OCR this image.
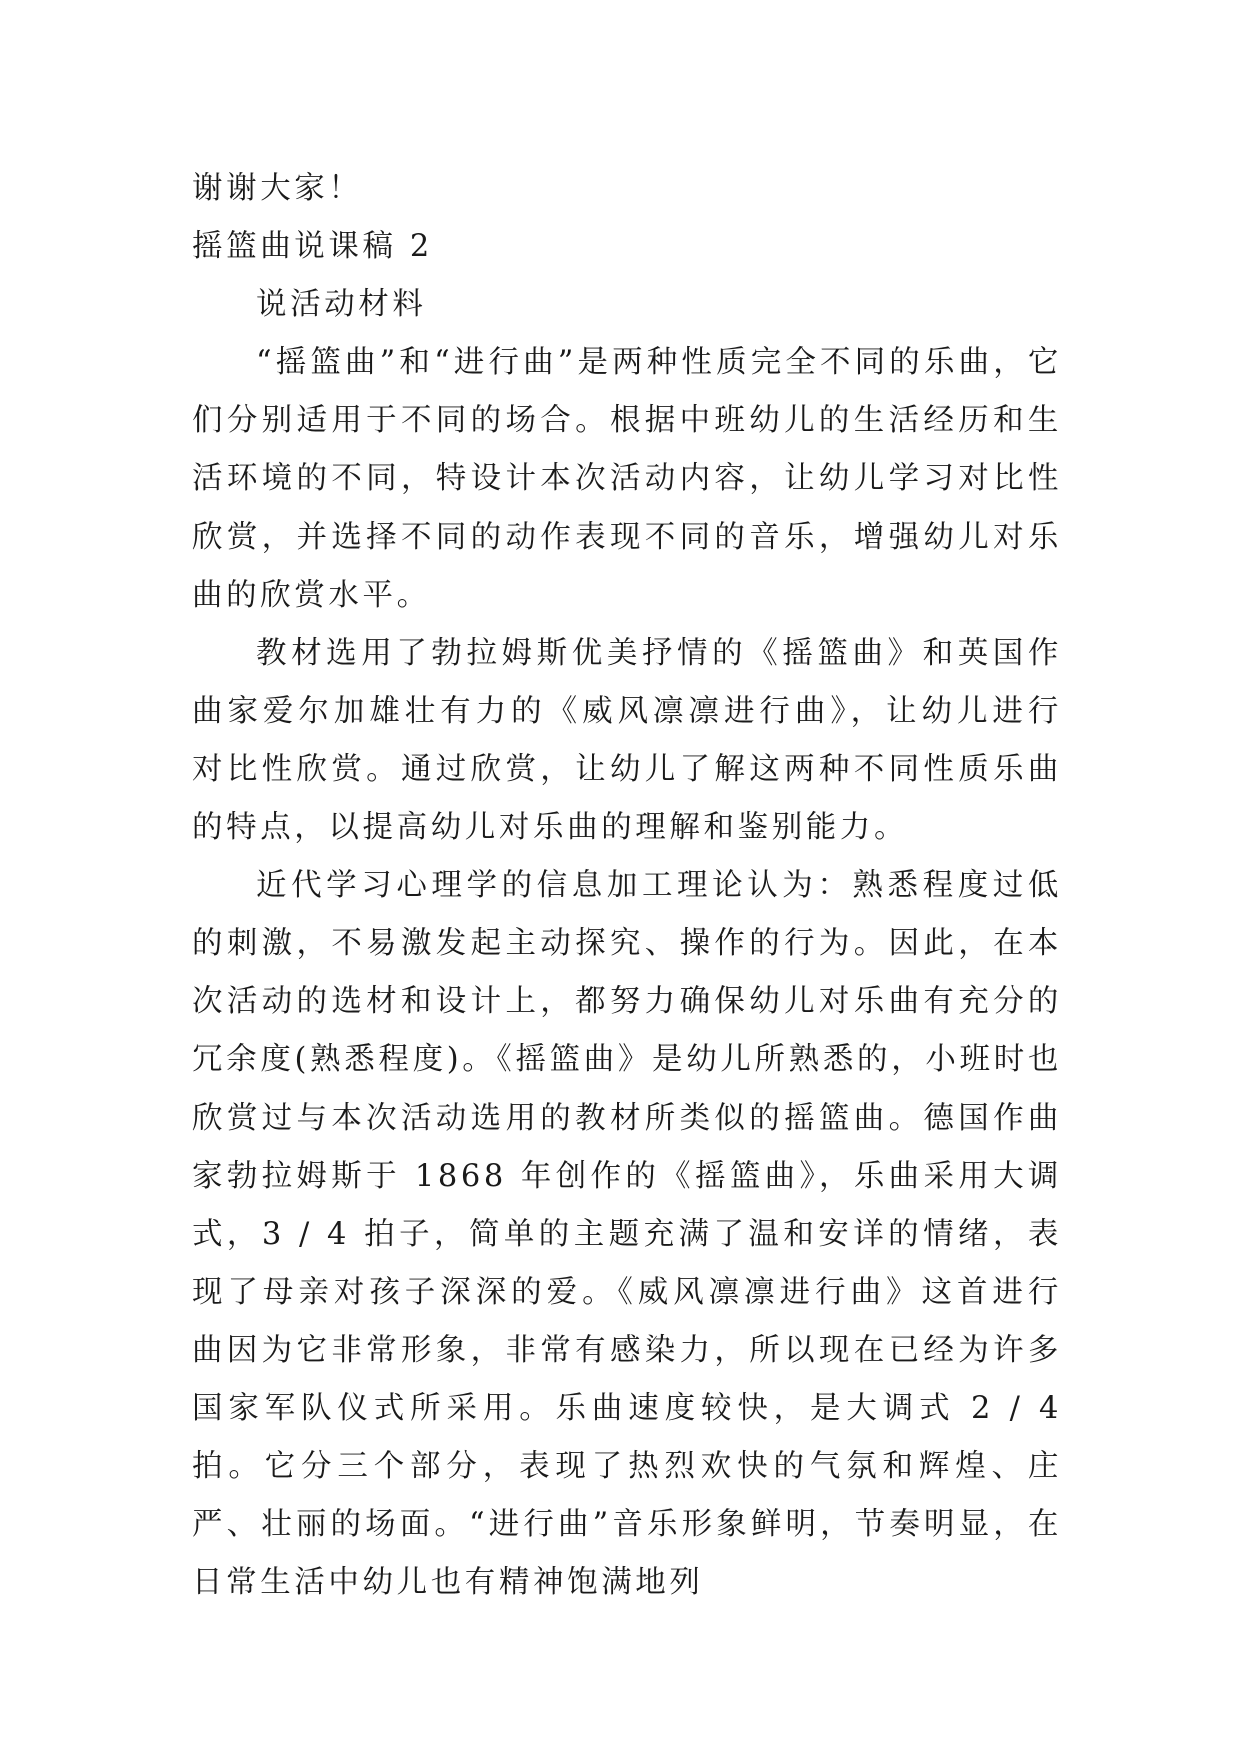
谢谢大家！

摇篮曲说课稿 2

说活动材料

“摇篮曲”和“进行曲”是两种性质完全不同的乐曲，它们分别适用于不同的场合。根据中班幼儿的生活经历和生活环境的不同，特设计本次活动内容，让幼儿学习对比性欣赏，并选择不同的动作表现不同的音乐，增强幼儿对乐曲的欣赏水平。

教材选用了勃拉姆斯优美抒情的《摇篮曲》和英国作曲家爱尔加雄壮有力的《威风凛凛进行曲》，让幼儿进行对比性欣赏。通过欣赏，让幼儿了解这两种不同性质乐曲的特点，以提高幼儿对乐曲的理解和鉴别能力。

近代学习心理学的信息加工理论认为：熟悉程度过低的刺激，不易激发起主动探究、操作的行为。因此，在本次活动的选材和设计上，都努力确保幼儿对乐曲有充分的冗余度(熟悉程度)。《摇篮曲》是幼儿所熟悉的，小班时也欣赏过与本次活动选用的教材所类似的摇篮曲。德国作曲家勃拉姆斯于 1868 年创作的《摇篮曲》，乐曲采用大调式，3 / 4 拍子，简单的主题充满了温和安详的情绪，表现了母亲对孩子深深的爱。《威风凛凛进行曲》这首进行曲因为它非常形象，非常有感染力，所以现在已经为许多国家军队仪式所采用。乐曲速度较快，是大调式 2 / 4 拍。它分三个部分，表现了热烈欢快的气氛和辉煌、庄严、壮丽的场面。“进行曲”音乐形象鲜明，节奏明显，在日常生活中幼儿也有精神饱满地列
